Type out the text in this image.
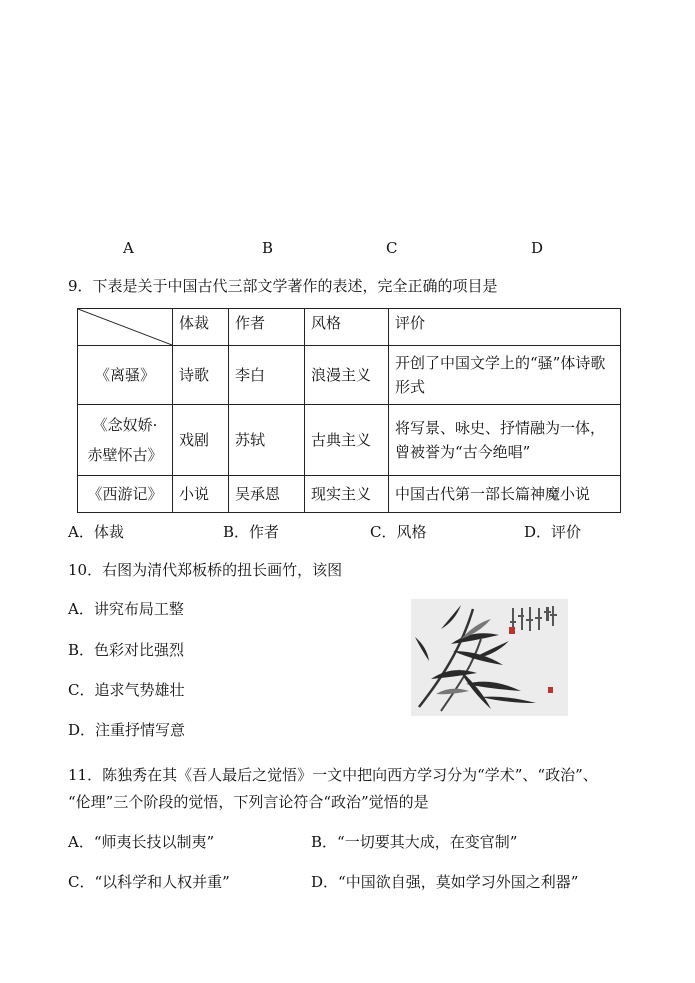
A	B	C	D
9．下表是关于中国古代三部文学著作的表述，完全正确的项目是
	体裁	作者	风格	评价
《离骚》	诗歌	李白	浪漫主义	开创了中国文学上的“骚”体诗歌形式
《念奴娇·
赤壁怀古》	戏剧	苏轼	古典主义	将写景、咏史、抒情融为一体，曾被誉为“古今绝唱”
《西游记》	小说	吴承恩	现实主义	中国古代第一部长篇神魔小说
A．体裁	B．作者	C．风格	D．评价
10．右图为清代郑板桥的扭长画竹，该图
A．讲究布局工整
B．色彩对比强烈
C．追求气势雄壮
D．注重抒情写意
11．陈独秀在其《吾人最后之觉悟》一文中把向西方学习分为“学术”、“政治”、
“伦理”三个阶段的觉悟，下列言论符合“政治”觉悟的是
A．“师夷长技以制夷”	B．“一切要其大成，在变官制”
C．“以科学和人权并重”	D．“中国欲自强，莫如学习外国之利器”
